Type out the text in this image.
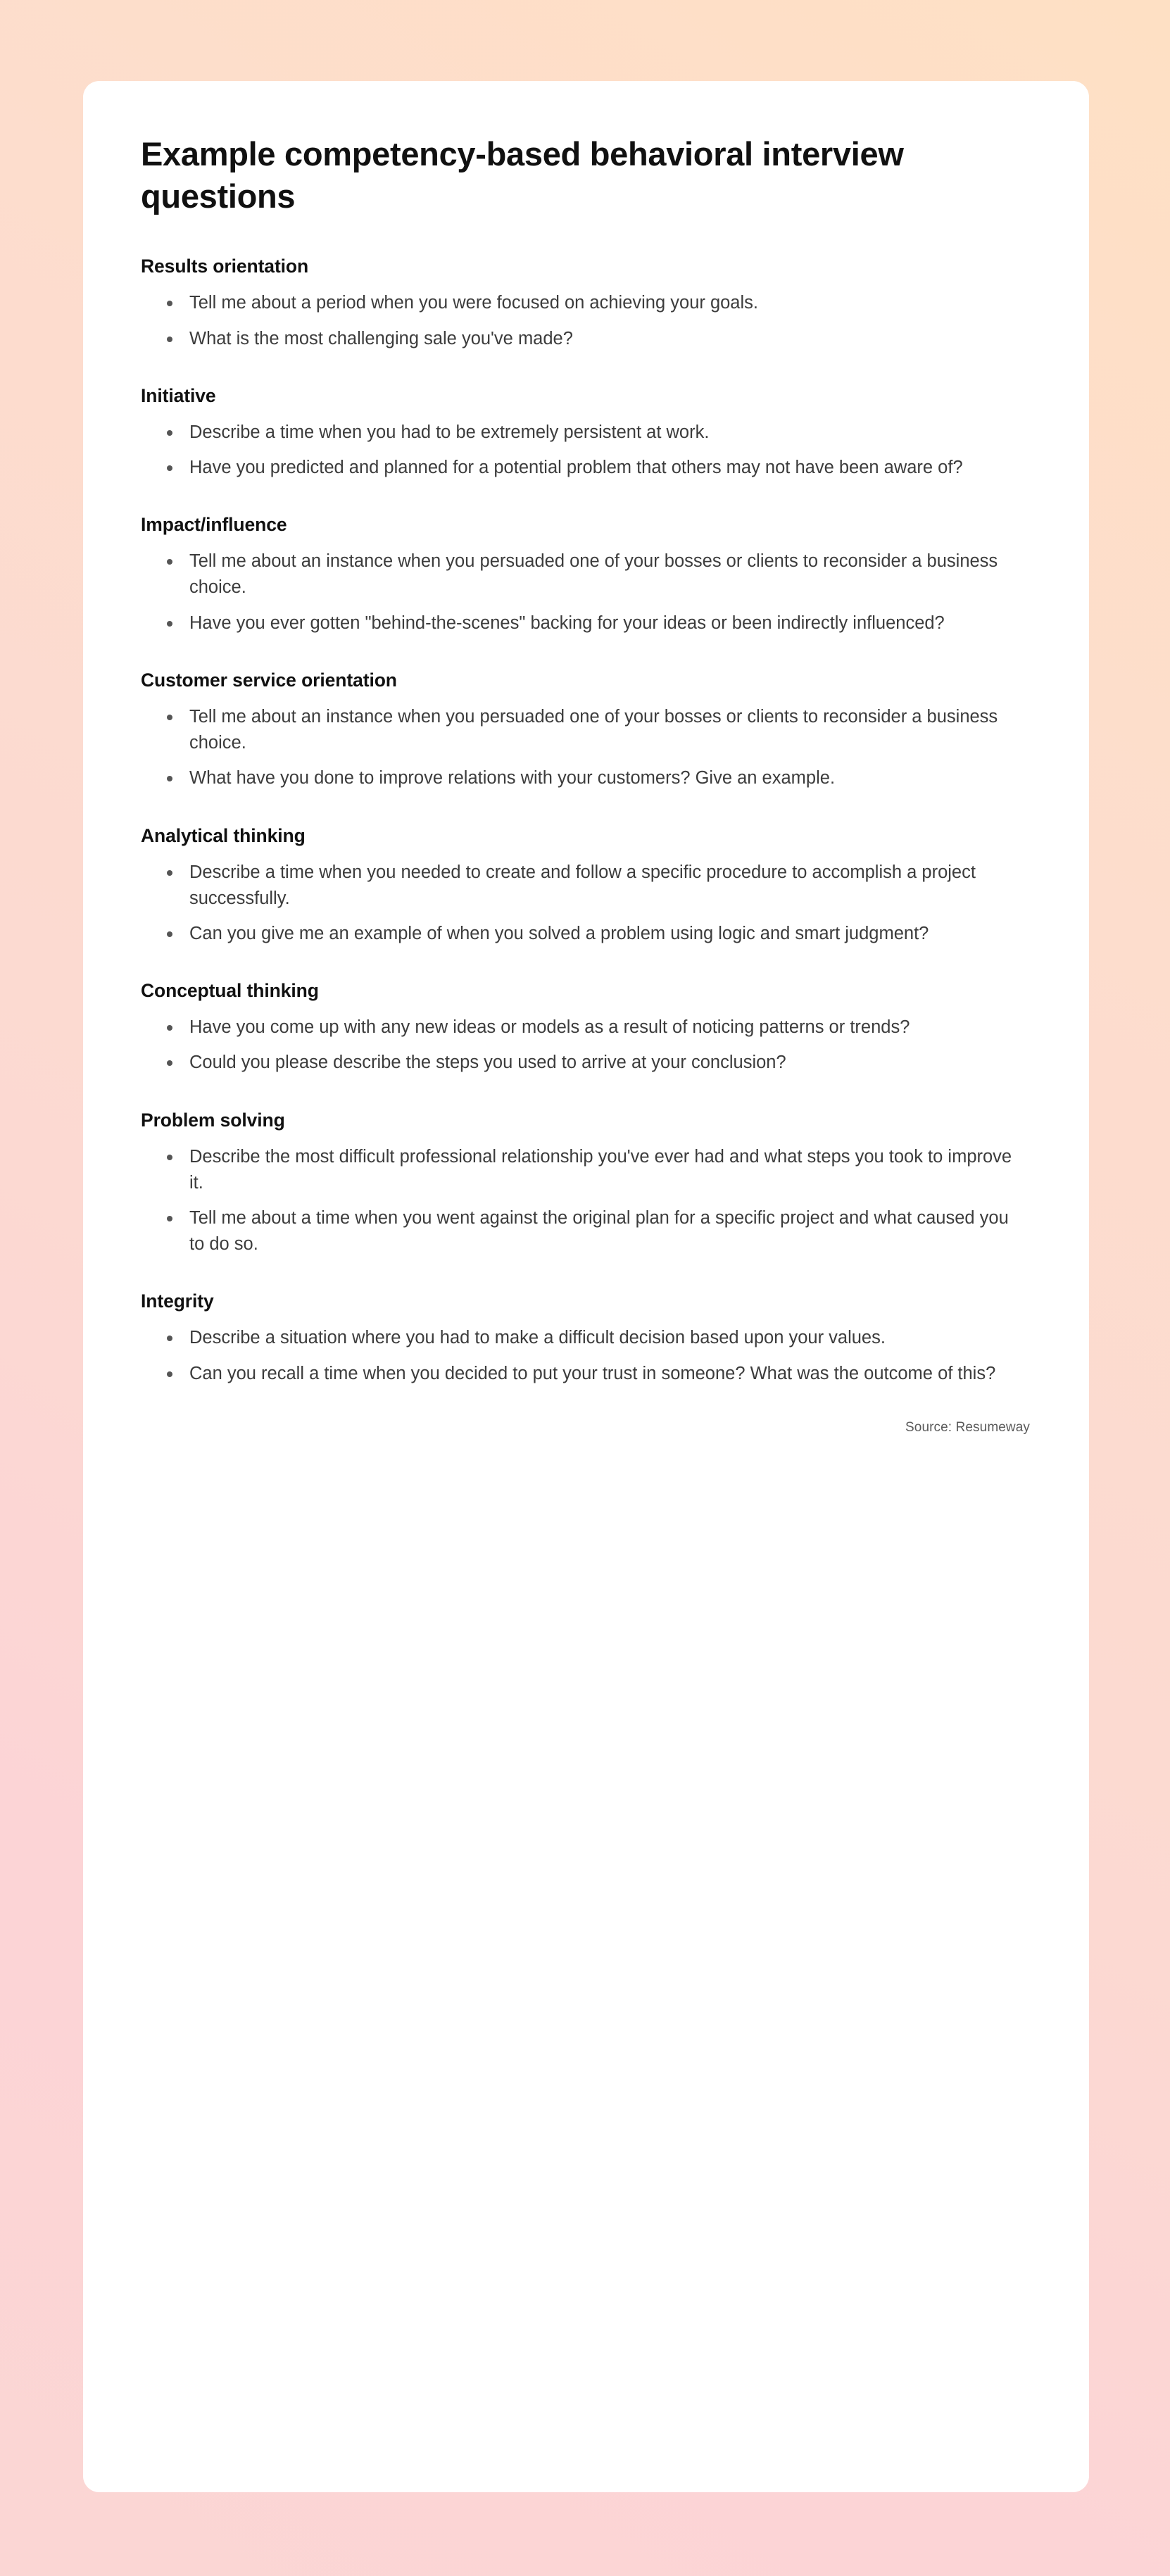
Example competency-based behavioral interview questions
Results orientation
Tell me about a period when you were focused on achieving your goals.
What is the most challenging sale you've made?
Initiative
Describe a time when you had to be extremely persistent at work.
Have you predicted and planned for a potential problem that others may not have been aware of?
Impact/influence
Tell me about an instance when you persuaded one of your bosses or clients to reconsider a business choice.
Have you ever gotten "behind-the-scenes" backing for your ideas or been indirectly influenced?
Customer service orientation
Tell me about an instance when you persuaded one of your bosses or clients to reconsider a business choice.
What have you done to improve relations with your customers? Give an example.
Analytical thinking
Describe a time when you needed to create and follow a specific procedure to accomplish a project successfully.
Can you give me an example of when you solved a problem using logic and smart judgment?
Conceptual thinking
Have you come up with any new ideas or models as a result of noticing patterns or trends?
Could you please describe the steps you used to arrive at your conclusion?
Problem solving
Describe the most difficult professional relationship you've ever had and what steps you took to improve it.
Tell me about a time when you went against the original plan for a specific project and what caused you to do so.
Integrity
Describe a situation where you had to make a difficult decision based upon your values.
Can you recall a time when you decided to put your trust in someone? What was the outcome of this?
Source: Resumeway
